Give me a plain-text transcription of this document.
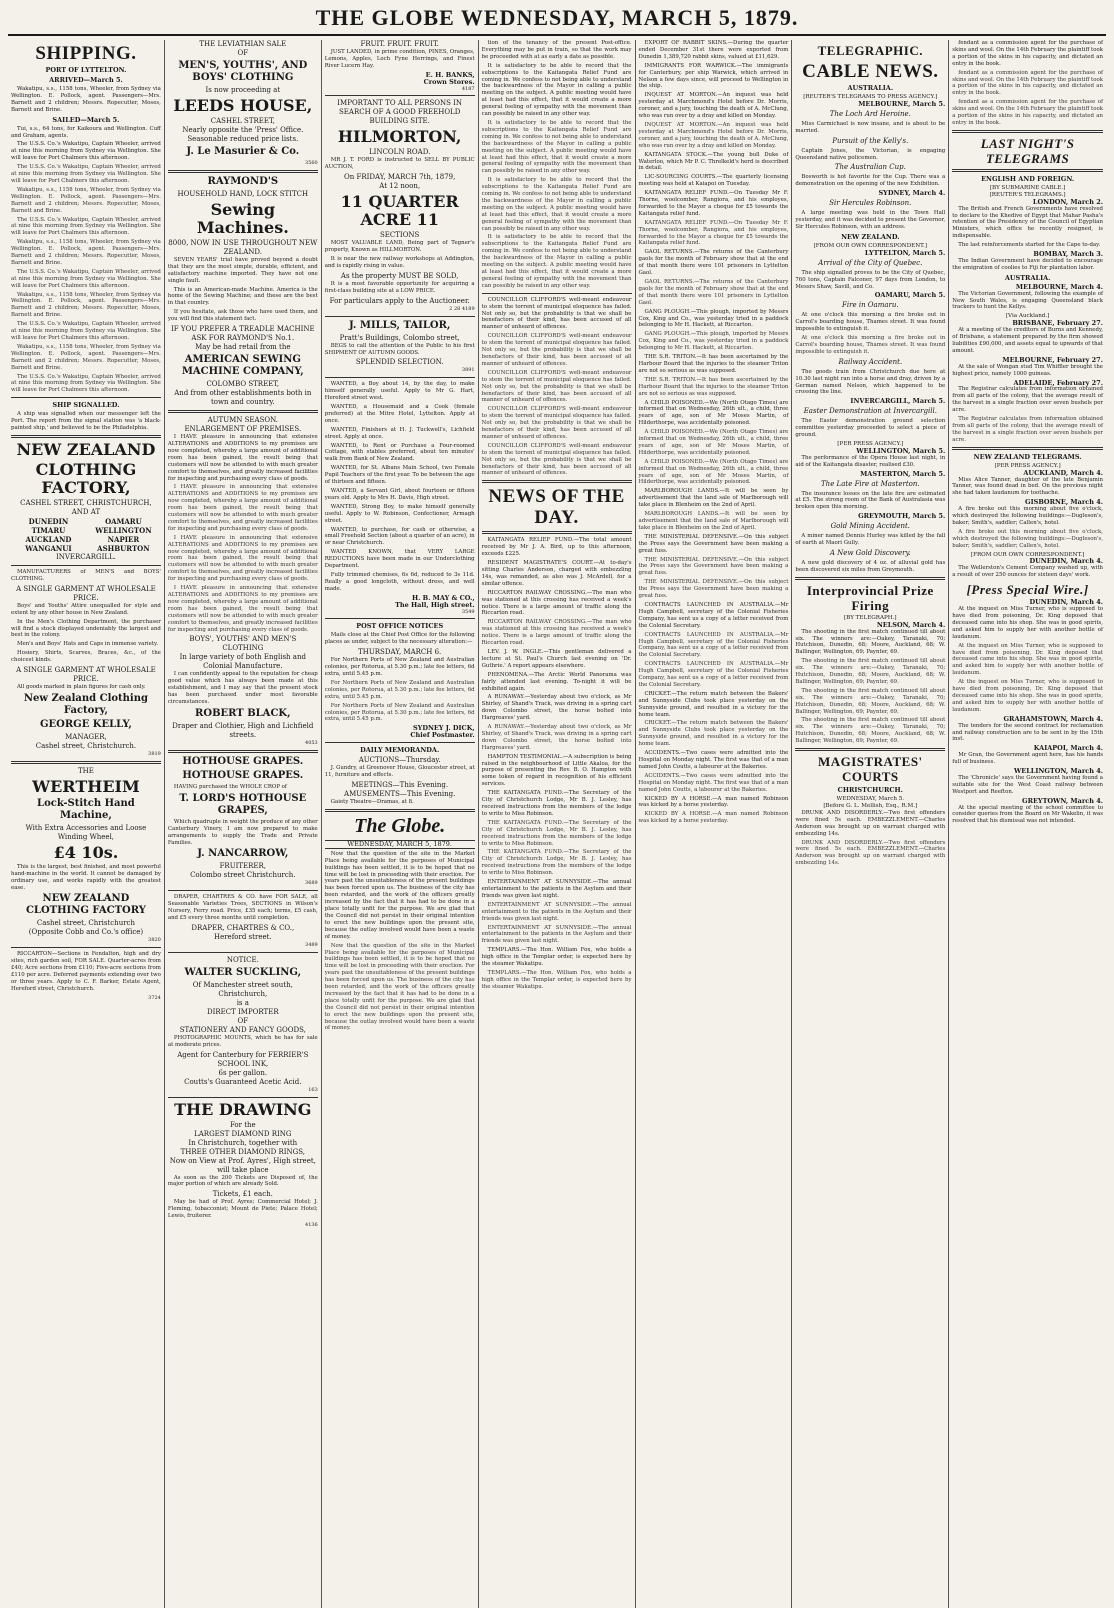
THE GLOBE WEDNESDAY, MARCH 5, 1879.
SHIPPING.
PORT OF LYTTELTON.
ARRIVED—March 5.

Wakatipu, s.s., 1158 tons, Wheeler, from Sydney via Wellington. E. Pollock, agent. Passengers—Mrs. Barnett and 2 children; Messrs. Ropecutter, Moses, Barnett and Brine.

SAILED—March 5.

Tui, s.s., 64 tons, for Kaikoura and Wellington. Cuff and Graham, agents.

The U.S.S. Co.'s Wakatipu, Captain Wheeler, arrived at nine this morning from Sydney via Wellington. She will leave for Port Chalmers this afternoon.

The U.S.S. Co.'s Wakatipu, Captain Wheeler, arrived at nine this morning from Sydney via Wellington. She will leave for Port Chalmers this afternoon.

Wakatipu, s.s., 1158 tons, Wheeler, from Sydney via Wellington. E. Pollock, agent. Passengers—Mrs. Barnett and 2 children; Messrs. Ropecutter, Moses, Barnett and Brine.

The U.S.S. Co.'s Wakatipu, Captain Wheeler, arrived at nine this morning from Sydney via Wellington. She will leave for Port Chalmers this afternoon.

Wakatipu, s.s., 1158 tons, Wheeler, from Sydney via Wellington. E. Pollock, agent. Passengers—Mrs. Barnett and 2 children; Messrs. Ropecutter, Moses, Barnett and Brine.

The U.S.S. Co.'s Wakatipu, Captain Wheeler, arrived at nine this morning from Sydney via Wellington. She will leave for Port Chalmers this afternoon.

Wakatipu, s.s., 1158 tons, Wheeler, from Sydney via Wellington. E. Pollock, agent. Passengers—Mrs. Barnett and 2 children; Messrs. Ropecutter, Moses, Barnett and Brine.

The U.S.S. Co.'s Wakatipu, Captain Wheeler, arrived at nine this morning from Sydney via Wellington. She will leave for Port Chalmers this afternoon.

Wakatipu, s.s., 1158 tons, Wheeler, from Sydney via Wellington. E. Pollock, agent. Passengers—Mrs. Barnett and 2 children; Messrs. Ropecutter, Moses, Barnett and Brine.

The U.S.S. Co.'s Wakatipu, Captain Wheeler, arrived at nine this morning from Sydney via Wellington. She will leave for Port Chalmers this afternoon.

SHIP SIGNALLED.

A ship was signalled when our messenger left the Port. The report from the signal station was 'a black-painted ship,' and believed to be the Philadelphia.

NEW ZEALAND
CLOTHING FACTORY,
CASHEL STREET, CHRISTCHURCH,
AND AT
DUNEDIN	OAMARU
TIMARU	WELLINGTON
AUCKLAND	NAPIER
WANGANUI	ASHBURTON
INVERCARGILL.

MANUFACTURERS of MEN'S and BOYS' CLOTHING.

A SINGLE GARMENT AT WHOLESALE PRICE.

Boys' and Youths' Attire unequalled for style and extent by any other house in New Zealand.

In the Men's Clothing Department, the purchaser will find a stock displayed undeniably the largest and best in the colony.

Men's and Boys' Hats and Caps in immense variety.

Hosiery, Shirts, Scarves, Braces, &c., of the choicest kinds.

A SINGLE GARMENT AT WHOLESALE PRICE.

All goods marked in plain figures for cash only.

New Zealand Clothing Factory,
GEORGE KELLY,
MANAGER,
Cashel street, Christchurch.
3819
THE
WERTHEIM
Lock-Stitch Hand Machine,
With Extra Accessories and Loose Winding Wheel,
£4 10s.

This is the largest, best finished, and most powerful hand-machine in the world. It cannot be damaged by ordinary use, and works rapidly with the greatest ease.

NEW ZEALAND CLOTHING FACTORY
Cashel street, Christchurch
(Opposite Cobb and Co.'s office)
3820

RICCARTON—Sections in Fendalton, high and dry sites, rich garden soil, FOR SALE. Quarter-acres from £40; Acre sections from £110; Five-acre sections from £110 per acre. Deferred payments extending over two or three years. Apply to C. F. Barker, Estate Agent, Hereford street, Christchurch.

3724
THE LEVIATHIAN SALE
OF
MEN'S, YOUTHS', AND BOYS' CLOTHING
Is now proceeding at
LEEDS HOUSE,
CASHEL STREET,
Nearly opposite the 'Press' Office.
Seasonable reduced price lists.
J. Le Masurier & Co.
3560
RAYMOND'S
HOUSEHOLD HAND, LOCK STITCH
Sewing Machines.
8000, NOW IN USE THROUGHOUT NEW ZEALAND.

SEVEN YEARS' trial have proved beyond a doubt that they are the most simple, durable, efficient, and satisfactory machine imported. They have not one single fault.

This is an American-made Machine. America is the home of the Sewing Machine; and these are the best in that country.

If you hesitate, ask those who have used them, and you will find this statement fact.

IF YOU PREFER A TREADLE MACHINE ASK FOR RAYMOND'S No.1.
May be had retail from the
AMERICAN SEWING MACHINE COMPANY,
COLOMBO STREET,
And from other establishments both in town and country.
AUTUMN SEASON.
ENLARGEMENT OF PREMISES.

I HAVE pleasure in announcing that extensive ALTERATIONS and ADDITIONS to my premises are now completed, whereby a large amount of additional room has been gained, the result being that customers will now be attended to with much greater comfort to themselves, and greatly increased facilities for inspecting and purchasing every class of goods.

I HAVE pleasure in announcing that extensive ALTERATIONS and ADDITIONS to my premises are now completed, whereby a large amount of additional room has been gained, the result being that customers will now be attended to with much greater comfort to themselves, and greatly increased facilities for inspecting and purchasing every class of goods.

I HAVE pleasure in announcing that extensive ALTERATIONS and ADDITIONS to my premises are now completed, whereby a large amount of additional room has been gained, the result being that customers will now be attended to with much greater comfort to themselves, and greatly increased facilities for inspecting and purchasing every class of goods.

I HAVE pleasure in announcing that extensive ALTERATIONS and ADDITIONS to my premises are now completed, whereby a large amount of additional room has been gained, the result being that customers will now be attended to with much greater comfort to themselves, and greatly increased facilities for inspecting and purchasing every class of goods.

BOYS', YOUTHS' AND MEN'S CLOTHING
In large variety of both English and Colonial Manufacture.

I can confidently appeal to the reputation for cheap good value which has always been made at this establishment, and I may say that the present stock has been purchased under most favorable circumstances.

ROBERT BLACK,
Draper and Clothier, High and Lichfield streets.
4053
HOTHOUSE GRAPES.
HOTHOUSE GRAPES.

HAVING purchased the WHOLE CROP of

T. LORD'S HOTHOUSE GRAPES,

Which quadruple in weight the produce of any other Canterbury Vinery, I am now prepared to make arrangements to supply the Trade and Private Families.

J. NANCARROW,
FRUITERER,
Colombo street Christchurch.
3689

DRAPER, CHARTRES & CO. have FOR SALE, all Seasonable Varieties Trees, SECTIONS in Wilson's Nursery, Ferry road. Price, £35 each; terms, £5 cash, and £5 every three months until completion.

DRAPER, CHARTRES & CO.,
Hereford street.
3489
NOTICE.
WALTER SUCKLING,
Of Manchester street south, Christchurch,
is a
DIRECT IMPORTER
OF
STATIONERY AND FANCY GOODS,

PHOTOGRAPHIC MOUNTS, which he has for sale at moderate prices.

Agent for Canterbury for FERRIER'S SCHOOL INK,
6s per gallon.
Coutts's Guaranteed Acetic Acid.
163
THE DRAWING
For the
LARGEST DIAMOND RING
In Christchurch, together with
THREE OTHER DIAMOND RINGS,
Now on View at Prof. Ayres', High street, will take place

As soon as the 200 Tickets are Disposed of, the major portion of which are already Sold.

Tickets, £1 each.

May be had of Prof. Ayres; Commercial Hotel; J. Fleming, tobacconist; Mount de Piete; Palace Hotel; Lewis, fruiterer.

4136
FRUIT. FRUIT. FRUIT.

JUST LANDED, in prime condition, PINES, Oranges, Lemons, Apples, Loch Fyne Herrings, and Finest River Lucern Hay.

E. H. BANKS,
Crown Stores.
4187
IMPORTANT TO ALL PERSONS IN SEARCH OF A GOOD FREEHOLD BUILDING SITE.
HILMORTON,
LINCOLN ROAD.

MR J. T. FORD is instructed to SELL BY PUBLIC AUCTION,

On FRIDAY, MARCH 7th, 1879,
At 12 noon,
11 QUARTER ACRE 11
SECTIONS

MOST VALUABLE LAND, Being part of Tegner's property, Known as HILLMORTON.

It is near the new railway workshops at Addington, and is rapidly rising in value.

As the property MUST BE SOLD,

It is a most favorable opportunity for acquiring a first-class building site at a LOW PRICE.

For particulars apply to the Auctioneer.
2 28 4189
J. MILLS, TAILOR,
Pratt's Buildings, Colombo street,

BEGS to call the attention of the Public to his first SHIPMENT OF AUTUMN GOODS.

SPLENDID SELECTION.
3891

WANTED, a Boy about 14, by the day, to make himself generally useful. Apply to Mr G. Hart, Hereford street west.

WANTED, a Housemaid and a Cook (female preferred) at the Mitre Hotel, Lyttelton. Apply at once.

WANTED, Finishers at H. J. Tuckwell's, Lichfield street. Apply at once.

WANTED, to Rent or Purchase a Four-roomed Cottage, with stables preferred, about ten minutes' walk from Bank of New Zealand.

WANTED, for St. Albans Main School, two Female Pupil Teachers of the first year. To be between the age of thirteen and fifteen.

WANTED, a Servant Girl, about fourteen or fifteen years old. Apply to Mrs H. Davis, High street.

WANTED, Strong Boy, to make himself generally useful. Apply to W. Robinson, Confectioner, Armagh street.

WANTED, to purchase, for cash or otherwise, a small Freehold Section (about a quarter of an acre), in or near Christchurch.

WANTED KNOWN, that VERY LARGE REDUCTIONS have been made in our Underclothing Department.

Fully trimmed chemises, 6s 6d, reduced to 3s 11d. Really a good longcloth, without dress, and well made.

H. B. MAY & CO.,
The Hall, High street.
3549
POST OFFICE NOTICES

Mails close at the Chief Post Office for the following places as under, subject to the necessary alteration:—

THURSDAY, MARCH 6.

For Northern Ports of New Zealand and Australian colonies, per Rotorua, at 5.30 p.m.; late fee letters, 6d extra, until 5.45 p.m.

For Northern Ports of New Zealand and Australian colonies, per Rotorua, at 5.30 p.m.; late fee letters, 6d extra, until 5.45 p.m.

For Northern Ports of New Zealand and Australian colonies, per Rotorua, at 5.30 p.m.; late fee letters, 6d extra, until 5.45 p.m.

SYDNEY J. DICK,
Chief Postmaster.
DAILY MEMORANDA.
AUCTIONS—Thursday.

J. Gundry, at Greenover House, Gloucester street, at 11, furniture and effects.

MEETINGS—This Evening.
AMUSEMENTS—This Evening.

Gaiety Theatre—Dramas, at 8.

The Globe.
WEDNESDAY, MARCH 5, 1879.

Now that the question of the site in the Market Place being available for the purposes of Municipal buildings has been settled, it is to be hoped that no time will be lost in proceeding with their erection. For years past the unsuitableness of the present buildings has been forced upon us. The business of the city has been retarded, and the work of the officers greatly increased by the fact that it has had to be done in a place totally unfit for the purpose. We are glad that the Council did not persist in their original intention to erect the new buildings upon the present site, because the outlay involved would have been a waste of money.

Now that the question of the site in the Market Place being available for the purposes of Municipal buildings has been settled, it is to be hoped that no time will be lost in proceeding with their erection. For years past the unsuitableness of the present buildings has been forced upon us. The business of the city has been retarded, and the work of the officers greatly increased by the fact that it has had to be done in a place totally unfit for the purpose. We are glad that the Council did not persist in their original intention to erect the new buildings upon the present site, because the outlay involved would have been a waste of money.

tion of the tenancy of the present Post-office. Everything may be put in train, so that the work may be proceeded with at as early a date as possible.

It is satisfactory to be able to record that the subscriptions to the Kaitangata Relief Fund are coming in. We confess to not being able to understand the backwardness of the Mayor in calling a public meeting on the subject. A public meeting would have at least had this effect, that it would create a more general feeling of sympathy with the movement than can possibly be raised in any other way.

It is satisfactory to be able to record that the subscriptions to the Kaitangata Relief Fund are coming in. We confess to not being able to understand the backwardness of the Mayor in calling a public meeting on the subject. A public meeting would have at least had this effect, that it would create a more general feeling of sympathy with the movement than can possibly be raised in any other way.

It is satisfactory to be able to record that the subscriptions to the Kaitangata Relief Fund are coming in. We confess to not being able to understand the backwardness of the Mayor in calling a public meeting on the subject. A public meeting would have at least had this effect, that it would create a more general feeling of sympathy with the movement than can possibly be raised in any other way.

It is satisfactory to be able to record that the subscriptions to the Kaitangata Relief Fund are coming in. We confess to not being able to understand the backwardness of the Mayor in calling a public meeting on the subject. A public meeting would have at least had this effect, that it would create a more general feeling of sympathy with the movement than can possibly be raised in any other way.

COUNCILLOR CLIFFORD'S well-meant endeavour to stem the torrent of municipal eloquence has failed. Not only so, but the probability is that we shall be benefactors of their kind, has been accused of all manner of unheard of offences.

COUNCILLOR CLIFFORD'S well-meant endeavour to stem the torrent of municipal eloquence has failed. Not only so, but the probability is that we shall be benefactors of their kind, has been accused of all manner of unheard of offences.

COUNCILLOR CLIFFORD'S well-meant endeavour to stem the torrent of municipal eloquence has failed. Not only so, but the probability is that we shall be benefactors of their kind, has been accused of all manner of unheard of offences.

COUNCILLOR CLIFFORD'S well-meant endeavour to stem the torrent of municipal eloquence has failed. Not only so, but the probability is that we shall be benefactors of their kind, has been accused of all manner of unheard of offences.

COUNCILLOR CLIFFORD'S well-meant endeavour to stem the torrent of municipal eloquence has failed. Not only so, but the probability is that we shall be benefactors of their kind, has been accused of all manner of unheard of offences.

NEWS OF THE DAY.

KAITANGATA RELIEF FUND.—The total amount received by Mr J. A. Bird, up to this afternoon, exceeds £225.

RESIDENT MAGISTRATE'S COURT.—At to-day's sitting Charles Anderson, charged with embezzling 14s, was remanded, as also was J. McArdell, for a similar offence.

RICCARTON RAILWAY CROSSING.—The man who was stationed at this crossing has received a week's notice. There is a large amount of traffic along the Riccarton road.

RICCARTON RAILWAY CROSSING.—The man who was stationed at this crossing has received a week's notice. There is a large amount of traffic along the Riccarton road.

LEV. J. W. INGLE.—This gentleman delivered a lecture at St. Paul's Church last evening on 'Dr. Guthrie.' A report appears elsewhere.

PHENOMENA.—The Arctic World Panorama was fairly attended last evening. To-night it will be exhibited again.

A RUNAWAY.—Yesterday about two o'clock, as Mr Shirley, of Shand's Track, was driving in a spring cart down Colombo street, the horse bolted into Hargreaves' yard.

A RUNAWAY.—Yesterday about two o'clock, as Mr Shirley, of Shand's Track, was driving in a spring cart down Colombo street, the horse bolted into Hargreaves' yard.

HAMPTON TESTIMONIAL.—A subscription is being raised in the neighbourhood of Little Akaloa, for the purpose of presenting the Rev. B. O. Hampton with some token of regard in recognition of his efficient services.

THE KAITANGATA FUND.—The Secretary of the City of Christchurch Lodge, Mr B. J. Lesley, has received instructions from the members of the lodge to write to Miss Robinson.

THE KAITANGATA FUND.—The Secretary of the City of Christchurch Lodge, Mr B. J. Lesley, has received instructions from the members of the lodge to write to Miss Robinson.

THE KAITANGATA FUND.—The Secretary of the City of Christchurch Lodge, Mr B. J. Lesley, has received instructions from the members of the lodge to write to Miss Robinson.

ENTERTAINMENT AT SUNNYSIDE.—The annual entertainment to the patients in the Asylum and their friends was given last night.

ENTERTAINMENT AT SUNNYSIDE.—The annual entertainment to the patients in the Asylum and their friends was given last night.

ENTERTAINMENT AT SUNNYSIDE.—The annual entertainment to the patients in the Asylum and their friends was given last night.

TEMPLARS.—The Hon. William Fox, who holds a high office in the Templar order, is expected here by the steamer Wakatipu.

TEMPLARS.—The Hon. William Fox, who holds a high office in the Templar order, is expected here by the steamer Wakatipu.

EXPORT OF RABBIT SKINS.—During the quarter ended December 31st there were exported from Dunedin 1,389,720 rabbit skins, valued at £11,629.

IMMIGRANTS FOR WARWICK.—The immigrants for Canterbury, per ship Warwick, which arrived in Nelson a few days since, will proceed to Wellington in the ship.

INQUEST AT MORTON.—An inquest was held yesterday at Marchmond's Hotel before Dr. Morris, coroner, and a jury, touching the death of A. McClung, who was run over by a dray and killed on Monday.

INQUEST AT MORTON.—An inquest was held yesterday at Marchmond's Hotel before Dr. Morris, coroner, and a jury, touching the death of A. McClung, who was run over by a dray and killed on Monday.

KAITANGATA STOCK.—The young bull Duke of Waterloo, which Mr P. C. Threlkeld's herd is described in detail.

LIC-SOURCING COURTS.—The quarterly licensing meeting was held at Kaiapoi on Tuesday.

KAITANGATA RELIEF FUND.—On Tuesday Mr F. Thorne, woolcomber, Rangiora, and his employes, forwarded to the Mayor a cheque for £5 towards the Kaitangata relief fund.

KAITANGATA RELIEF FUND.—On Tuesday Mr F. Thorne, woolcomber, Rangiora, and his employes, forwarded to the Mayor a cheque for £5 towards the Kaitangata relief fund.

GAOL RETURNS.—The returns of the Canterbury gaols for the month of February show that at the end of that month there were 101 prisoners in Lyttelton Gaol.

GAOL RETURNS.—The returns of the Canterbury gaols for the month of February show that at the end of that month there were 101 prisoners in Lyttelton Gaol.

GANG PLOUGH.—This plough, imported by Messrs Cox, King and Co., was yesterday tried in a paddock belonging to Mr H. Hackett, at Riccarton.

GANG PLOUGH.—This plough, imported by Messrs Cox, King and Co., was yesterday tried in a paddock belonging to Mr H. Hackett, at Riccarton.

THE S.R. TRITON.—It has been ascertained by the Harbour Board that the injuries to the steamer Triton are not so serious as was supposed.

THE S.R. TRITON.—It has been ascertained by the Harbour Board that the injuries to the steamer Triton are not so serious as was supposed.

A CHILD POISONED.—We (North Otago Times) are informed that on Wednesday, 26th ult., a child, three years of age, son of Mr Moses Martin, of Hilderthorpe, was accidentally poisoned.

A CHILD POISONED.—We (North Otago Times) are informed that on Wednesday, 26th ult., a child, three years of age, son of Mr Moses Martin, of Hilderthorpe, was accidentally poisoned.

A CHILD POISONED.—We (North Otago Times) are informed that on Wednesday, 26th ult., a child, three years of age, son of Mr Moses Martin, of Hilderthorpe, was accidentally poisoned.

MARLBOROUGH LANDS.—It will be seen by advertisement that the land sale of Marlborough will take place in Blenheim on the 2nd of April.

MARLBOROUGH LANDS.—It will be seen by advertisement that the land sale of Marlborough will take place in Blenheim on the 2nd of April.

THE MINISTERIAL DEFENSIVE.—On this subject the Press says the Government have been making a great fuss.

THE MINISTERIAL DEFENSIVE.—On this subject the Press says the Government have been making a great fuss.

THE MINISTERIAL DEFENSIVE.—On this subject the Press says the Government have been making a great fuss.

CONTRACTS LAUNCHED IN AUSTRALIA.—Mr Hugh Campbell, secretary of the Colonial Fisheries Company, has sent us a copy of a letter received from the Colonial Secretary.

CONTRACTS LAUNCHED IN AUSTRALIA.—Mr Hugh Campbell, secretary of the Colonial Fisheries Company, has sent us a copy of a letter received from the Colonial Secretary.

CONTRACTS LAUNCHED IN AUSTRALIA.—Mr Hugh Campbell, secretary of the Colonial Fisheries Company, has sent us a copy of a letter received from the Colonial Secretary.

CRICKET.—The return match between the Bakers' and Sunnyside Clubs took place yesterday on the Sunnyside ground, and resulted in a victory for the home team.

CRICKET.—The return match between the Bakers' and Sunnyside Clubs took place yesterday on the Sunnyside ground, and resulted in a victory for the home team.

ACCIDENTS.—Two cases were admitted into the Hospital on Monday night. The first was that of a man named John Coutts, a labourer at the Bakeries.

ACCIDENTS.—Two cases were admitted into the Hospital on Monday night. The first was that of a man named John Coutts, a labourer at the Bakeries.

KICKED BY A HORSE.—A man named Robinson was kicked by a horse yesterday.

KICKED BY A HORSE.—A man named Robinson was kicked by a horse yesterday.

TELEGRAPHIC.
CABLE NEWS.
AUSTRALIA.
[REUTER'S TELEGRAMS TO PRESS AGENCY.]
MELBOURNE, March 5.
The Loch Ard Heroine.

Miss Carmichael is now insane, and is about to be married.

Pursuit of the Kelly's.

Captain Jones, the Victorian, is engaging Queensland native policemen.

The Australian Cup.

Bosworth is hot favorite for the Cup. There was a demonstration on the opening of the new Exhibition.

SYDNEY, March 4.
Sir Hercules Robinson.

A large meeting was held in the Town Hall yesterday, and it was decided to present the Governor, Sir Hercules Robinson, with an address.

NEW ZEALAND.
[FROM OUR OWN CORRESPONDENT.]
LYTTELTON, March 5.
Arrival of the City of Quebec.

The ship signalled proves to be the City of Quebec, 760 tons, Captain Falconer, 97 days from London, to Messrs Shaw, Savill, and Co.

OAMARU, March 5.
Fire in Oamaru.

At one o'clock this morning a fire broke out in Carrol's boarding house, Thames street. It was found impossible to extinguish it.

At one o'clock this morning a fire broke out in Carrol's boarding house, Thames street. It was found impossible to extinguish it.

Railway Accident.

The goods train from Christchurch due here at 10.30 last night ran into a horse and dray, driven by a German named Nelson, which happened to be crossing the line.

INVERCARGILL, March 5.
Easter Demonstration at Invercargill.

The Easter demonstration ground selection committee yesterday proceeded to select a piece of ground.

[PER PRESS AGENCY.]
WELLINGTON, March 5.

The performance of the Opera House last night, in aid of the Kaitangata disaster, realised £30.

MASTERTON, March 5.
The Late Fire at Masterton.

The insurance losses on the late fire are estimated at £5. The strong room of the Bank of Australasia was broken open this morning.

GREYMOUTH, March 5.
Gold Mining Accident.

A miner named Dennis Hurley was killed by the fall of earth at Maori Gully.

A New Gold Discovery.

A new gold discovery of 4 oz. of alluvial gold has been discovered six miles from Greymouth.

Interprovincial Prize Firing
[BY TELEGRAPH.]
NELSON, March 4.

The shooting in the first match continued till about six. The winners are:—Oakey, Taranaki, 70; Hutchison, Dunedin, 68; Moore, Auckland, 68; W. Ballinger, Wellington, 69; Paynter, 69.

The shooting in the first match continued till about six. The winners are:—Oakey, Taranaki, 70; Hutchison, Dunedin, 68; Moore, Auckland, 68; W. Ballinger, Wellington, 69; Paynter, 69.

The shooting in the first match continued till about six. The winners are:—Oakey, Taranaki, 70; Hutchison, Dunedin, 68; Moore, Auckland, 68; W. Ballinger, Wellington, 69; Paynter, 69.

The shooting in the first match continued till about six. The winners are:—Oakey, Taranaki, 70; Hutchison, Dunedin, 68; Moore, Auckland, 68; W. Ballinger, Wellington, 69; Paynter, 69.

MAGISTRATES' COURTS
CHRISTCHURCH.
WEDNESDAY, March 5.
[Before G. L. Mellish, Esq., R.M.]

DRUNK AND DISORDERLY.—Two first offenders were fined 5s each. EMBEZZLEMENT.—Charles Anderson was brought up on warrant charged with embezzling 14s.

DRUNK AND DISORDERLY.—Two first offenders were fined 5s each. EMBEZZLEMENT.—Charles Anderson was brought up on warrant charged with embezzling 14s.

fendant as a commission agent for the purchase of skins and wool. On the 14th February the plaintiff took a portion of the skins in his capacity, and dictated an entry in the book.

fendant as a commission agent for the purchase of skins and wool. On the 14th February the plaintiff took a portion of the skins in his capacity, and dictated an entry in the book.

fendant as a commission agent for the purchase of skins and wool. On the 14th February the plaintiff took a portion of the skins in his capacity, and dictated an entry in the book.

LAST NIGHT'S TELEGRAMS
ENGLISH AND FOREIGN.
[BY SUBMARINE CABLE.]
[REUTER'S TELEGRAMS.]
LONDON, March 2.

The British and French Governments have resolved to declare to the Khedive of Egypt that Mahar Pasha's retention of the Presidency of the Council of Egyptian Ministers, which office he recently resigned, is indispensable.

The last reinforcements started for the Cape to-day.

BOMBAY, March 3.

The Indian Government have decided to encourage the emigration of coolies to Fiji for plantation labor.

AUSTRALIA.
MELBOURNE, March 4.

The Victorian Government, following the example of New South Wales, is engaging Queensland black trackers to hunt the Kellys.

[Via Auckland.]
BRISBANE, February 27.

At a meeting of the creditors of Burns and Kennedy, of Brisbane, a statement prepared by the firm showed liabilities £90,000, and assets equal to upwards of that amount.

MELBOURNE, February 27.

At the sale of Wongan stud Tim Whiffler brought the highest price, namely 1000 guineas.

ADELAIDE, February 27.

The Registrar calculates from information obtained from all parts of the colony, that the average result of the harvest in a single fraction over seven bushels per acre.

The Registrar calculates from information obtained from all parts of the colony, that the average result of the harvest in a single fraction over seven bushels per acre.

NEW ZEALAND TELEGRAMS.
[PER PRESS AGENCY.]
AUCKLAND, March 4.

Miss Alice Tanner, daughter of the late Benjamin Tanner, was found dead in bed. On the previous night she had taken laudanum for toothache.

GISBORNE, March 4.

A fire broke out this morning about five o'clock, which destroyed the following buildings:—Dugleson's, baker; Smith's, saddler; Callen's, hotel.

A fire broke out this morning about five o'clock, which destroyed the following buildings:—Dugleson's, baker; Smith's, saddler; Callen's, hotel.

[FROM OUR OWN CORRESPONDENT.]
DUNEDIN, March 4.

The Wellerston's Cement Company washed up, with a result of over 250 ounces for sixteen days' work.

[Press Special Wire.]
DUNEDIN, March 4.

At the inquest on Miss Turner, who is supposed to have died from poisoning, Dr. King deposed that deceased came into his shop. She was in good spirits, and asked him to supply her with another bottle of laudanum.

At the inquest on Miss Turner, who is supposed to have died from poisoning, Dr. King deposed that deceased came into his shop. She was in good spirits, and asked him to supply her with another bottle of laudanum.

At the inquest on Miss Turner, who is supposed to have died from poisoning, Dr. King deposed that deceased came into his shop. She was in good spirits, and asked him to supply her with another bottle of laudanum.

GRAHAMSTOWN, March 4.

The tenders for the second contract for reclamation and railway construction are to be sent in by the 15th inst.

KAIAPOI, March 4.

Mr Gran, the Government agent here, has his hands full of business.

WELLINGTON, March 4.

The 'Chronicle' says the Government having found a suitable site for the West Coast railway between Westport and Reefton.

GREYTOWN, March 4.

At the special meeting of the school committee to consider queries from the Board on Mr Wakelin, it was resolved that his dismissal was not intended.
